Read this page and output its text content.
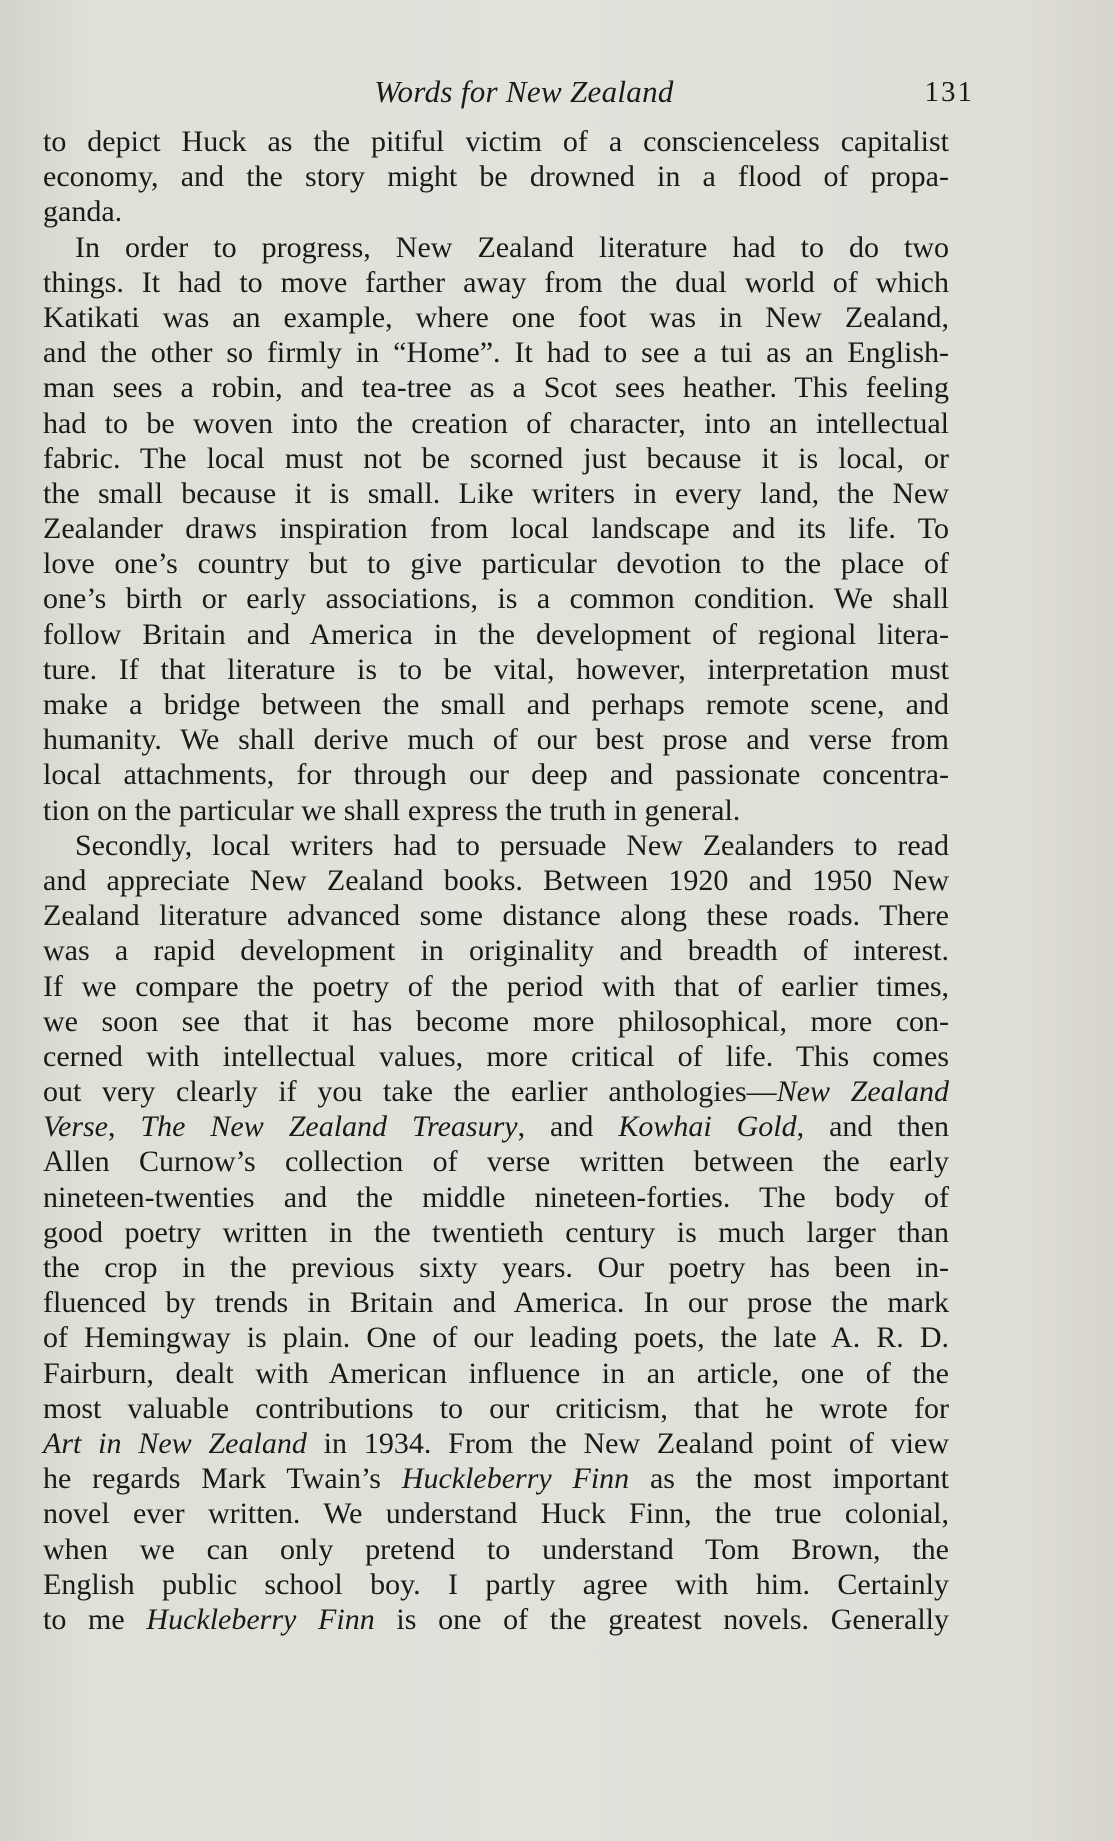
Words for New Zealand	131
to depict Huck as the pitiful victim of a conscienceless capitalist
economy, and the story might be drowned in a flood of propa-
ganda.
In order to progress, New Zealand literature had to do two
things. It had to move farther away from the dual world of which
Katikati was an example, where one foot was in New Zealand,
and the other so firmly in “Home”. It had to see a tui as an English-
man sees a robin, and tea-tree as a Scot sees heather. This feeling
had to be woven into the creation of character, into an intellectual
fabric. The local must not be scorned just because it is local, or
the small because it is small. Like writers in every land, the New
Zealander draws inspiration from local landscape and its life. To
love one’s country but to give particular devotion to the place of
one’s birth or early associations, is a common condition. We shall
follow Britain and America in the development of regional litera-
ture. If that literature is to be vital, however, interpretation must
make a bridge between the small and perhaps remote scene, and
humanity. We shall derive much of our best prose and verse from
local attachments, for through our deep and passionate concentra-
tion on the particular we shall express the truth in general.
Secondly, local writers had to persuade New Zealanders to read
and appreciate New Zealand books. Between 1920 and 1950 New
Zealand literature advanced some distance along these roads. There
was a rapid development in originality and breadth of interest.
If we compare the poetry of the period with that of earlier times,
we soon see that it has become more philosophical, more con-
cerned with intellectual values, more critical of life. This comes
out very clearly if you take the earlier anthologies—New Zealand
Verse, The New Zealand Treasury, and Kowhai Gold, and then
Allen Curnow’s collection of verse written between the early
nineteen-twenties and the middle nineteen-forties. The body of
good poetry written in the twentieth century is much larger than
the crop in the previous sixty years. Our poetry has been in-
fluenced by trends in Britain and America. In our prose the mark
of Hemingway is plain. One of our leading poets, the late A. R. D.
Fairburn, dealt with American influence in an article, one of the
most valuable contributions to our criticism, that he wrote for
Art in New Zealand in 1934. From the New Zealand point of view
he regards Mark Twain’s Huckleberry Finn as the most important
novel ever written. We understand Huck Finn, the true colonial,
when we can only pretend to understand Tom Brown, the
English public school boy. I partly agree with him. Certainly
to me Huckleberry Finn is one of the greatest novels. Generally
